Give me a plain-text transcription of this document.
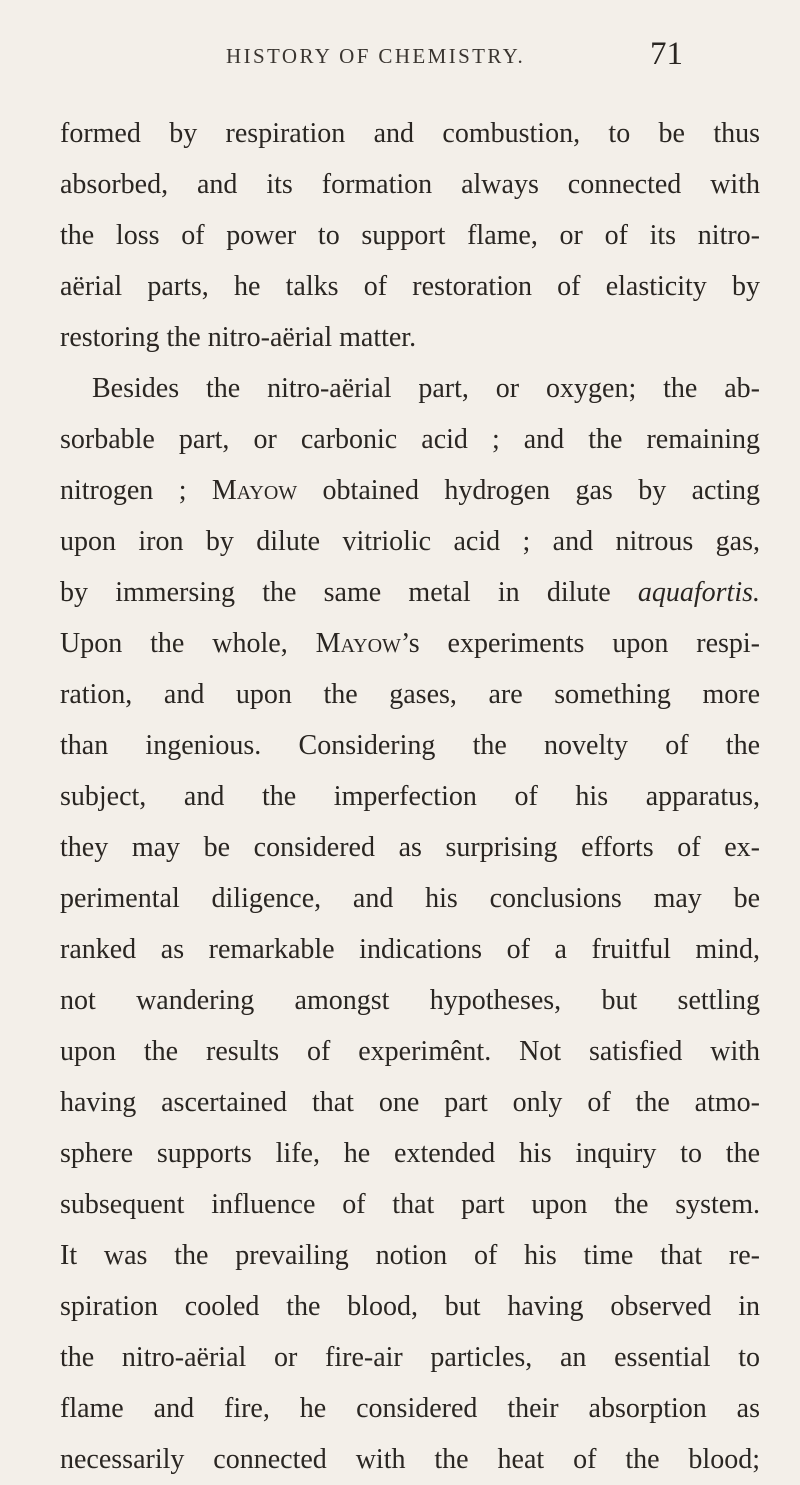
HISTORY OF CHEMISTRY.	71
formed by respiration and combustion, to be thus
absorbed, and its formation always connected with
the loss of power to support flame, or of its nitro-
aërial parts, he talks of restoration of elasticity by
restoring the nitro-aërial matter.
Besides the nitro-aërial part, or oxygen; the ab-
sorbable part, or carbonic acid ; and the remaining
nitrogen ; Mayow obtained hydrogen gas by acting
upon iron by dilute vitriolic acid ; and nitrous gas,
by immersing the same metal in dilute aquafortis.
Upon the whole, Mayow’s experiments upon respi-
ration, and upon the gases, are something more
than ingenious. Considering the novelty of the
subject, and the imperfection of his apparatus,
they may be considered as surprising efforts of ex-
perimental diligence, and his conclusions may be
ranked as remarkable indications of a fruitful mind,
not wandering amongst hypotheses, but settling
upon the results of experimênt. Not satisfied with
having ascertained that one part only of the atmo-
sphere supports life, he extended his inquiry to the
subsequent influence of that part upon the system.
It was the prevailing notion of his time that re-
spiration cooled the blood, but having observed in
the nitro-aërial or fire-air particles, an essential to
flame and fire, he considered their absorption as
necessarily connected with the heat of the blood;
